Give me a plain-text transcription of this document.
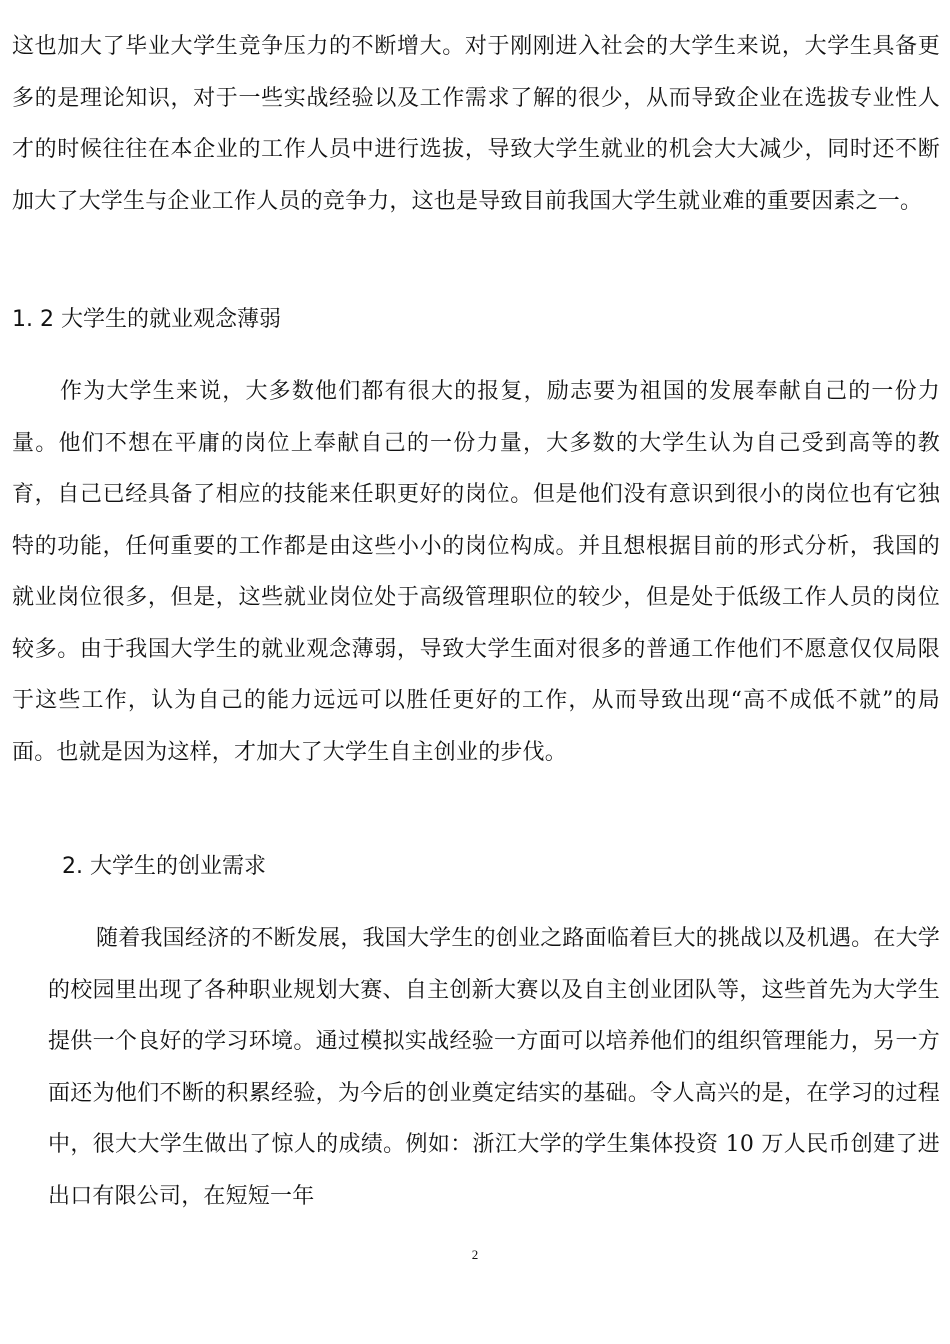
这也加大了毕业大学生竞争压力的不断增大。对于刚刚进入社会的大学生来说，大学生具备更多的是理论知识，对于一些实战经验以及工作需求了解的很少，从而导致企业在选拔专业性人才的时候往往在本企业的工作人员中进行选拔，导致大学生就业的机会大大减少，同时还不断加大了大学生与企业工作人员的竞争力，这也是导致目前我国大学生就业难的重要因素之一。

1. 2 大学生的就业观念薄弱

作为大学生来说，大多数他们都有很大的报复，励志要为祖国的发展奉献自己的一份力量。他们不想在平庸的岗位上奉献自己的一份力量，大多数的大学生认为自己受到高等的教育，自己已经具备了相应的技能来任职更好的岗位。但是他们没有意识到很小的岗位也有它独特的功能，任何重要的工作都是由这些小小的岗位构成。并且想根据目前的形式分析，我国的就业岗位很多，但是，这些就业岗位处于高级管理职位的较少，但是处于低级工作人员的岗位较多。由于我国大学生的就业观念薄弱，导致大学生面对很多的普通工作他们不愿意仅仅局限于这些工作，认为自己的能力远远可以胜任更好的工作，从而导致出现“高不成低不就”的局面。也就是因为这样，才加大了大学生自主创业的步伐。

2. 大学生的创业需求

随着我国经济的不断发展，我国大学生的创业之路面临着巨大的挑战以及机遇。在大学的校园里出现了各种职业规划大赛、自主创新大赛以及自主创业团队等，这些首先为大学生提供一个良好的学习环境。通过模拟实战经验一方面可以培养他们的组织管理能力，另一方面还为他们不断的积累经验，为今后的创业奠定结实的基础。令人高兴的是，在学习的过程中，很大大学生做出了惊人的成绩。例如：浙江大学的学生集体投资 10 万人民币创建了进出口有限公司，在短短一年

2
